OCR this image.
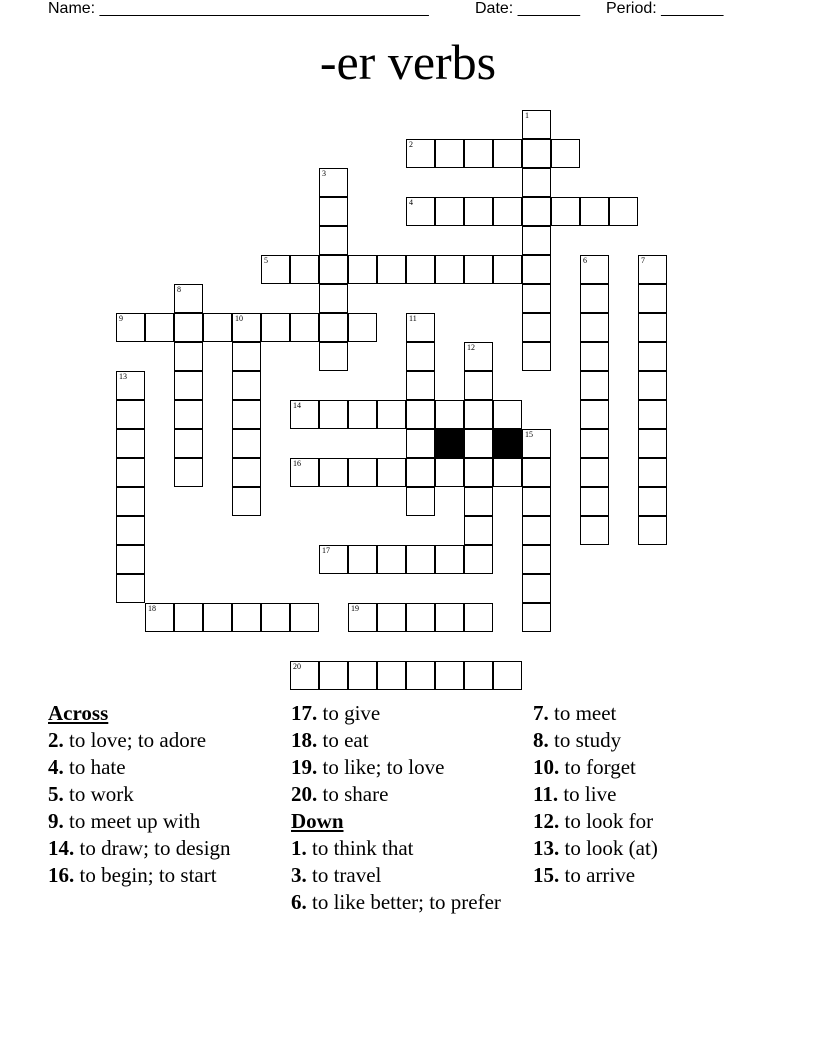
Name: _____________________________________	Date: _______ Period: _______
-er verbs
1
2
3
4
5	6	7
8
9	10	11
12
13
14
15
16
17
18	19
20
Across
2. to love; to adore
4. to hate
5. to work
9. to meet up with
14. to draw; to design
16. to begin; to start
17. to give
18. to eat
19. to like; to love
20. to share
Down
1. to think that
3. to travel
6. to like better; to prefer
7. to meet
8. to study
10. to forget
11. to live
12. to look for
13. to look (at)
15. to arrive
